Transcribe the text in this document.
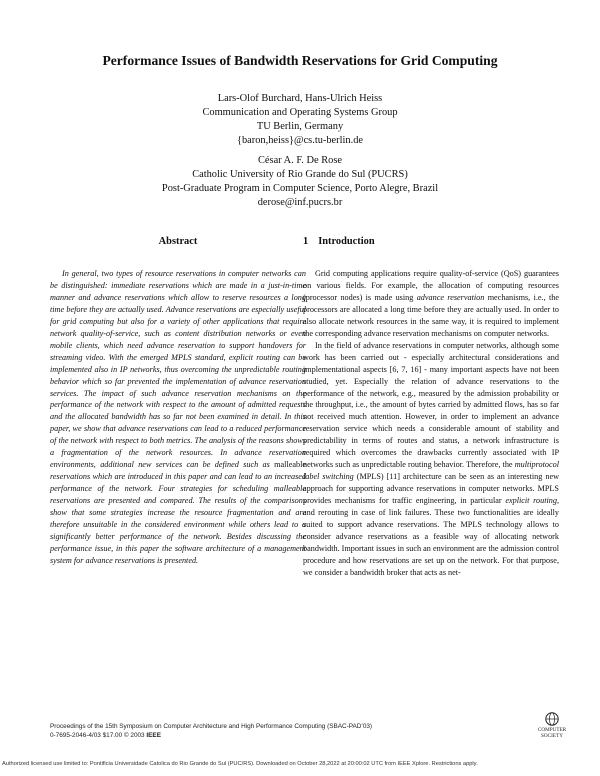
Performance Issues of Bandwidth Reservations for Grid Computing
Lars-Olof Burchard, Hans-Ulrich Heiss
Communication and Operating Systems Group
TU Berlin, Germany
{baron,heiss}@cs.tu-berlin.de
César A. F. De Rose
Catholic University of Rio Grande do Sul (PUCRS)
Post-Graduate Program in Computer Science, Porto Alegre, Brazil
derose@inf.pucrs.br
Abstract

In general, two types of resource reservations in computer networks can be distinguished: immediate reservations which are made in a just-in-time manner and advance reservations which allow to reserve resources a long time before they are actually used. Advance reservations are especially useful for grid computing but also for a variety of other applications that require network quality-of-service, such as content distribution networks or even mobile clients, which need advance reservation to support handovers for streaming video. With the emerged MPLS standard, explicit routing can be implemented also in IP networks, thus overcoming the unpredictable routing behavior which so far prevented the implementation of advance reservation services. The impact of such advance reservation mechanisms on the performance of the network with respect to the amount of admitted requests and the allocated bandwidth has so far not been examined in detail. In this paper, we show that advance reservations can lead to a reduced performance of the network with respect to both metrics. The analysis of the reasons shows a fragmentation of the network resources. In advance reservation environments, additional new services can be defined such as malleable reservations which are introduced in this paper and can lead to an increased performance of the network. Four strategies for scheduling malleable reservations are presented and compared. The results of the comparisons show that some strategies increase the resource fragmentation and are therefore unsuitable in the considered environment while others lead to a significantly better performance of the network. Besides discussing the performance issue, in this paper the software architecture of a management system for advance reservations is presented.

1 Introduction

Grid computing applications require quality-of-service (QoS) guarantees on various fields. For example, the allocation of computing resources (processor nodes) is made using advance reservation mechanisms, i.e., the processors are allocated a long time before they are actually used. In order to also allocate network resources in the same way, it is required to implement the corresponding advance reservation mechanisms on computer networks.

In the field of advance reservations in computer networks, although some work has been carried out - especially architectural considerations and implementational aspects [6, 7, 16] - many important aspects have not been studied, yet. Especially the relation of advance reservations to the performance of the network, e.g., measured by the admission probability or the throughput, i.e., the amount of bytes carried by admitted flows, has so far not received much attention. However, in order to implement an advance reservation service which needs a considerable amount of stability and predictability in terms of routes and status, a network infrastructure is required which overcomes the drawbacks currently associated with IP networks such as unpredictable routing behavior. Therefore, the multiprotocol label switching (MPLS) [11] architecture can be seen as an interesting new approach for supporting advance reservations in computer networks. MPLS provides mechanisms for traffic engineering, in particular explicit routing, and rerouting in case of link failures. These two functionalities are ideally suited to support advance reservations. The MPLS technology allows to consider advance reservations as a feasible way of allocating network bandwidth. Important issues in such an environment are the admission control procedure and how reservations are set up on the network. For that purpose, we consider a bandwidth broker that acts as net-

Proceedings of the 15th Symposium on Computer Architecture and High Performance Computing (SBAC-PAD’03)
0-7695-2046-4/03 $17.00 © 2003 IEEE
COMPUTER
SOCIETY
Authorized licensed use limited to: Pontificia Universidade Catolica do Rio Grande do Sul (PUC/RS). Downloaded on October 28,2022 at 20:00:02 UTC from IEEE Xplore. Restrictions apply.
